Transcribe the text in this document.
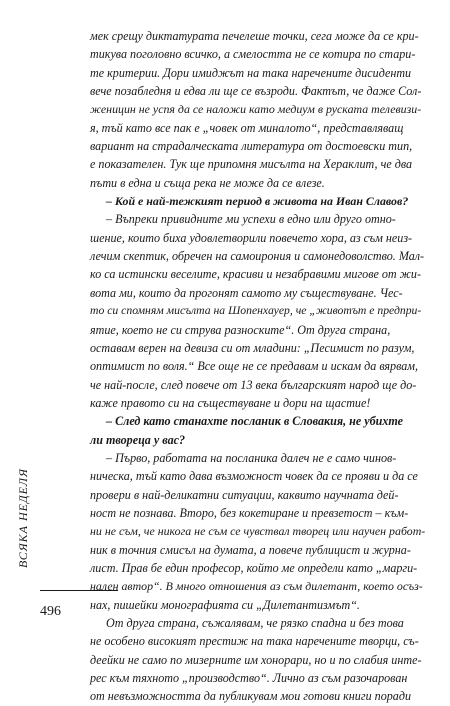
мек срещу диктатурата печелеше точки, сега може да се кри-
тикува поголовно всичко, а смелостта не се котира по стари-
те критерии. Дори имиджът на така наречените дисиденти
вече позабледня и едва ли ще се възроди. Фактът, че даже Сол-
женицин не успя да се наложи като медиум в руската телевизи-
я, тъй като все пак е „човек от миналото“, представляващ
вариант на страдалческата литература от достоевски тип,
е показателен. Тук ще припомня мисълта на Хераклит, че два
пъти в една и съща река не може да се влезе.
– Кой е най-тежкият период в живота на Иван Славов?
– Въпреки привидните ми успехи в едно или друго отно-
шение, които биха удовлетворили повечето хора, аз съм неиз-
лечим скептик, обречен на самоирония и самонедоволство. Мал-
ко са истински веселите, красиви и незабравими мигове от жи-
вота ми, които да прогонят самото му съществуване. Чес-
то си спомням мисълта на Шопенхауер, че „животът е предпри-
ятие, което не си струва разноските“. От друга страна,
оставам верен на девиза си от младини: „Песимист по разум,
оптимист по воля.“ Все още не се предавам и искам да вярвам,
че най-после, след повече от 13 века българският народ ще до-
каже правото си на съществуване и дори на щастие!
– След като станахте посланик в Словакия, не убихте
ли твореца у вас?
– Първо, работата на посланика далеч не е само чинов-
ническа, тъй като дава възможност човек да се прояви и да се
провери в най-деликатни ситуации, каквито научната дей-
ност не познава. Второ, без кокетиране и превзетост – към-
ни не съм, че никога не съм се чувствал творец или научен работ-
ник в точния смисъл на думата, а повече публицист и журна-
лист. Прав бе един професор, който ме определи като „марги-
нален автор“. В много отношения аз съм дилетант, което осъз-
нах, пишейки монографията си „Дилетантизмът“.
От друга страна, съжалявам, че рязко спадна и без това
не особено високият престиж на така наречените творци, съ-
деейки не само по мизерните им хонорари, но и по слабия инте-
рес към тяхното „производство“. Лично аз съм разочарован
от невъзможността да публикувам мои готови книги поради
ВСЯКА НЕДЕЛЯ
496
